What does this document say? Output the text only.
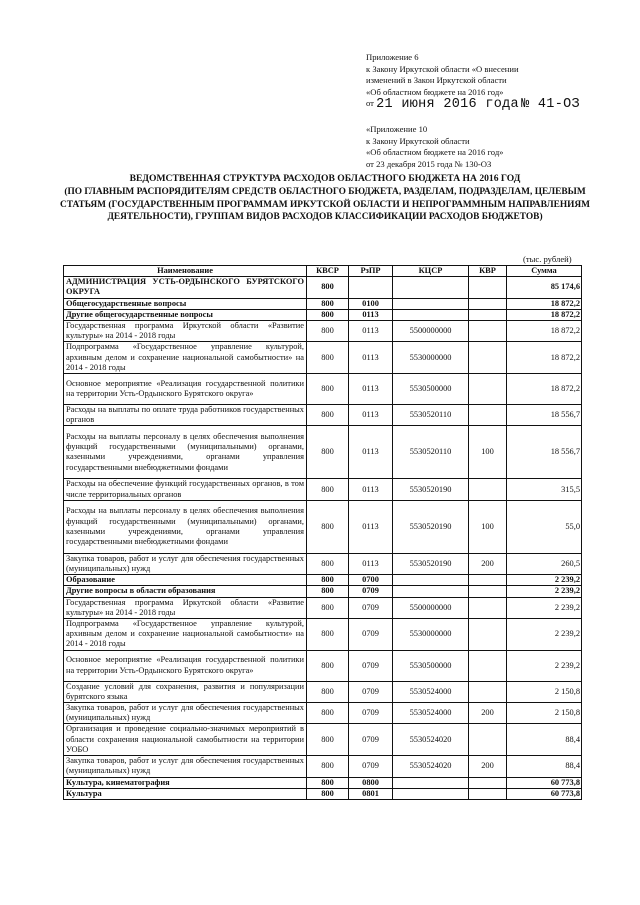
Приложение 6
к Закону Иркутской области «О внесении
изменений в Закон Иркутской области
«Об областном бюджете на 2016 год»
от 21 июня 2016 года № 41-ОЗ
«Приложение 10
к Закону Иркутской области
«Об областном бюджете на 2016 год»
от 23 декабря 2015 года № 130-ОЗ
ВЕДОМСТВЕННАЯ СТРУКТУРА РАСХОДОВ ОБЛАСТНОГО БЮДЖЕТА НА 2016 ГОД
(ПО ГЛАВНЫМ РАСПОРЯДИТЕЛЯМ СРЕДСТВ ОБЛАСТНОГО БЮДЖЕТА, РАЗДЕЛАМ, ПОДРАЗДЕЛАМ, ЦЕЛЕВЫМ СТАТЬЯМ (ГОСУДАРСТВЕННЫМ ПРОГРАММАМ ИРКУТСКОЙ ОБЛАСТИ И НЕПРОГРАММНЫМ НАПРАВЛЕНИЯМ ДЕЯТЕЛЬНОСТИ), ГРУППАМ ВИДОВ РАСХОДОВ КЛАССИФИКАЦИИ РАСХОДОВ БЮДЖЕТОВ)
(тыс. рублей)
Наименование	КВСР	РзПР	КЦСР	КВР	Сумма
АДМИНИСТРАЦИЯ УСТЬ-ОРДЫНСКОГО БУРЯТСКОГО ОКРУГА	800				85 174,6
Общегосударственные вопросы	800	0100			18 872,2
Другие общегосударственные вопросы	800	0113			18 872,2
Государственная программа Иркутской области «Развитие культуры» на 2014 - 2018 годы	800	0113	5500000000		18 872,2
Подпрограмма «Государственное управление культурой, архивным делом и сохранение национальной самобытности» на 2014 - 2018 годы	800	0113	5530000000		18 872,2
Основное мероприятие «Реализация государственной политики на территории Усть-Ордынского Бурятского округа»	800	0113	5530500000		18 872,2
Расходы на выплаты по оплате труда работников государственных органов	800	0113	5530520110		18 556,7
Расходы на выплаты персоналу в целях обеспечения выполнения функций государственными (муниципальными) органами, казенными учреждениями, органами управления государственными внебюджетными фондами	800	0113	5530520110	100	18 556,7
Расходы на обеспечение функций государственных органов, в том числе территориальных органов	800	0113	5530520190		315,5
Расходы на выплаты персоналу в целях обеспечения выполнения функций государственными (муниципальными) органами, казенными учреждениями, органами управления государственными внебюджетными фондами	800	0113	5530520190	100	55,0
Закупка товаров, работ и услуг для обеспечения государственных (муниципальных) нужд	800	0113	5530520190	200	260,5
Образование	800	0700			2 239,2
Другие вопросы в области образования	800	0709			2 239,2
Государственная программа Иркутской области «Развитие культуры» на 2014 - 2018 годы	800	0709	5500000000		2 239,2
Подпрограмма «Государственное управление культурой, архивным делом и сохранение национальной самобытности» на 2014 - 2018 годы	800	0709	5530000000		2 239,2
Основное мероприятие «Реализация государственной политики на территории Усть-Ордынского Бурятского округа»	800	0709	5530500000		2 239,2
Создание условий для сохранения, развития и популяризации бурятского языка	800	0709	5530524000		2 150,8
Закупка товаров, работ и услуг для обеспечения государственных (муниципальных) нужд	800	0709	5530524000	200	2 150,8
Организация и проведение социально-значимых мероприятий в области сохранения национальной самобытности на территории УОБО	800	0709	5530524020		88,4
Закупка товаров, работ и услуг для обеспечения государственных (муниципальных) нужд	800	0709	5530524020	200	88,4
Культура, кинематография	800	0800			60 773,8
Культура	800	0801			60 773,8
